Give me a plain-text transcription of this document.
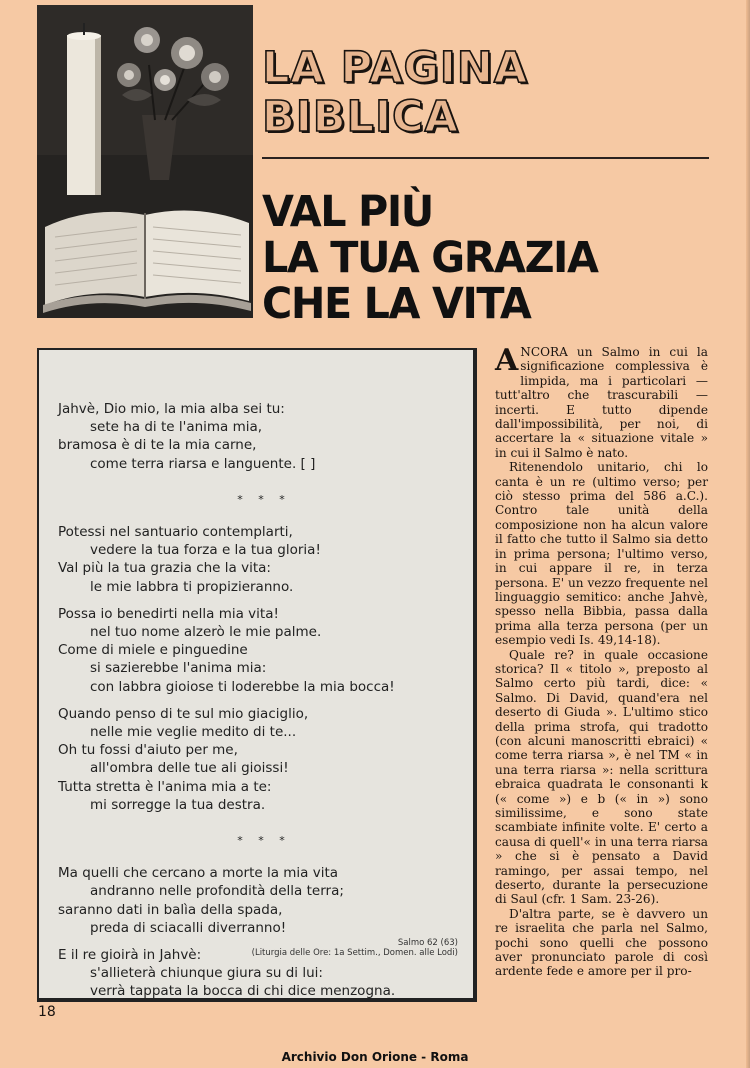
LA PAGINA
BIBLICA
VAL PIÙ
LA TUA GRAZIA
CHE LA VITA
Jahvè, Dio mio, la mia alba sei tu:
sete ha di te l'anima mia,
bramosa è di te la mia carne,
come terra riarsa e languente. [ ]
* * *
Potessi nel santuario contemplarti,
vedere la tua forza e la tua gloria!
Val più la tua grazia che la vita:
le mie labbra ti propizieranno.
Possa io benedirti nella mia vita!
nel tuo nome alzerò le mie palme.
Come di miele e pinguedine
si sazierebbe l'anima mia:
con labbra gioiose ti loderebbe la mia bocca!
Quando penso di te sul mio giaciglio,
nelle mie veglie medito di te...
Oh tu fossi d'aiuto per me,
all'ombra delle tue ali gioissi!
Tutta stretta è l'anima mia a te:
mi sorregge la tua destra.
* * *
Ma quelli che cercano a morte la mia vita
andranno nelle profondità della terra;
saranno dati in balìa della spada,
preda di sciacalli diverranno!
E il re gioirà in Jahvè:
s'allieterà chiunque giura su di lui:
verrà tappata la bocca di chi dice menzogna.
Salmo 62 (63)
(Liturgia delle Ore: 1a Settim., Domen. alle Lodi)

ANCORA un Salmo in cui la significazione complessiva è limpida, ma i particolari — tutt'altro che trascurabili — incerti. E tutto dipende dall'impossibilità, per noi, di accertare la « situazione vitale » in cui il Salmo è nato.

Ritenendolo unitario, chi lo canta è un re (ultimo verso; per ciò stesso prima del 586 a.C.). Contro tale unità della composizione non ha alcun valore il fatto che tutto il Salmo sia detto in prima persona; l'ultimo verso, in cui appare il re, in terza persona. E' un vezzo frequente nel linguaggio semitico: anche Jahvè, spesso nella Bibbia, passa dalla prima alla terza persona (per un esempio vedi Is. 49,14-18).

Quale re? in quale occasione storica? Il « titolo », preposto al Salmo certo più tardi, dice: « Salmo. Di David, quand'era nel deserto di Giuda ». L'ultimo stico della prima strofa, qui tradotto (con alcuni manoscritti ebraici) « come terra riarsa », è nel TM « in una terra riarsa »: nella scrittura ebraica quadrata le consonanti k (« come ») e b (« in ») sono similissime, e sono state scambiate infinite volte. E' certo a causa di quell'« in una terra riarsa » che si è pensato a David ramingo, per assai tempo, nel deserto, durante la persecuzione di Saul (cfr. 1 Sam. 23-26).

D'altra parte, se è davvero un re israelita che parla nel Salmo, pochi sono quelli che possono aver pronunciato parole di così ardente fede e amore per il pro-

18
Archivio Don Orione - Roma
